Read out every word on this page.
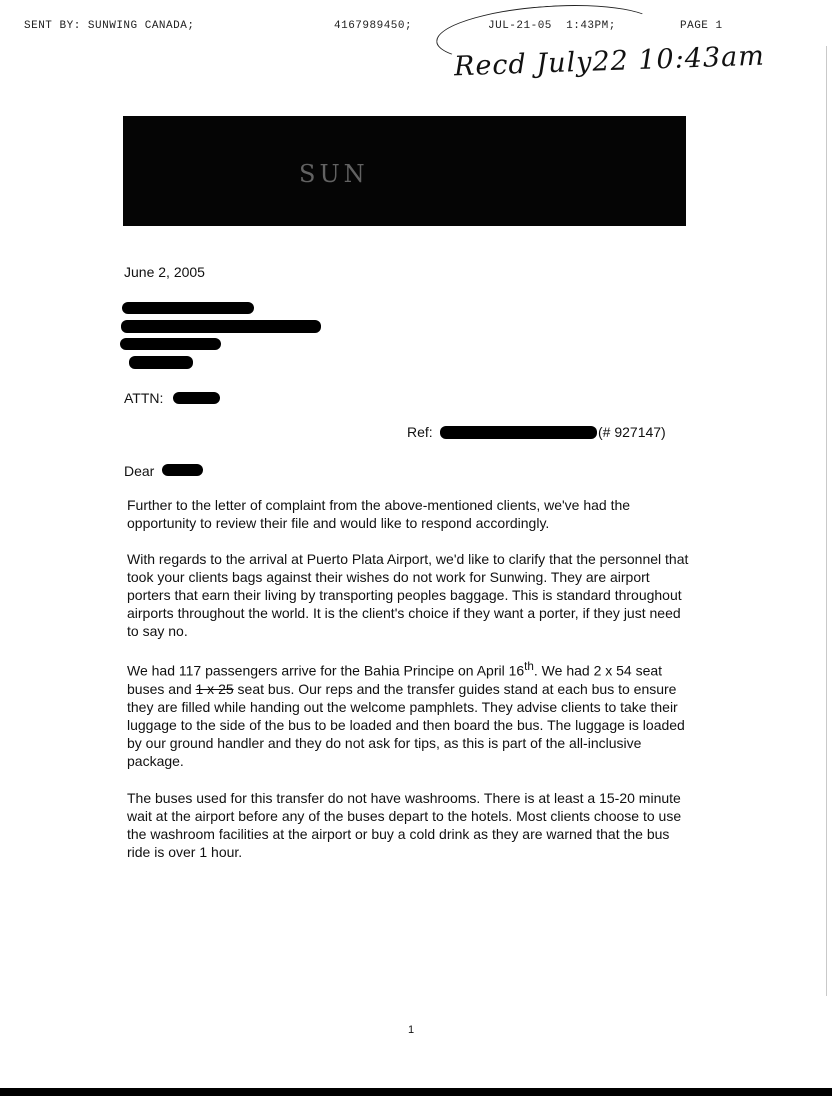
SENT BY: SUNWING CANADA;	4167989450;	JUL-21-05  1:43PM;	PAGE 1
Recd July22 10:43am
SUN
June 2, 2005
ATTN:
Ref:	(# 927147)
Dear

Further to the letter of complaint from the above-mentioned clients, we've had the opportunity to review their file and would like to respond accordingly.

With regards to the arrival at Puerto Plata Airport, we'd like to clarify that the personnel that took your clients bags against their wishes do not work for Sunwing. They are airport porters that earn their living by transporting peoples baggage. This is standard throughout airports throughout the world. It is the client's choice if they want a porter, if they just need to say no.

We had 117 passengers arrive for the Bahia Principe on April 16th. We had 2 x 54 seat buses and 1 x 25 seat bus. Our reps and the transfer guides stand at each bus to ensure they are filled while handing out the welcome pamphlets. They advise clients to take their luggage to the side of the bus to be loaded and then board the bus. The luggage is loaded by our ground handler and they do not ask for tips, as this is part of the all-inclusive package.

The buses used for this transfer do not have washrooms. There is at least a 15-20 minute wait at the airport before any of the buses depart to the hotels. Most clients choose to use the washroom facilities at the airport or buy a cold drink as they are warned that the bus ride is over 1 hour.

1
